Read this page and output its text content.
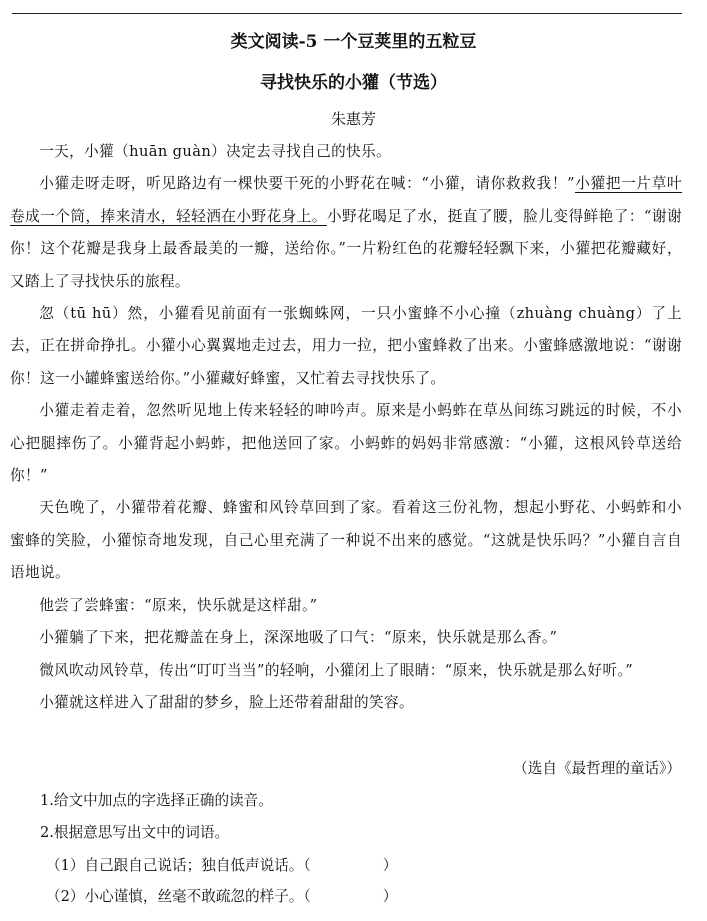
类文阅读-5 一个豆荚里的五粒豆
寻找快乐的小獾（节选）
朱惠芳

一天，小獾（huān guàn）决定去寻找自己的快乐。

小獾走呀走呀，听见路边有一棵快要干死的小野花在喊：“小獾，请你救救我！”小獾把一片草叶卷成一个筒，捧来清水，轻轻洒在小野花身上。小野花喝足了水，挺直了腰，脸儿变得鲜艳了：“谢谢你！这个花瓣是我身上最香最美的一瓣，送给你。”一片粉红色的花瓣轻轻飘下来，小獾把花瓣藏好，又踏上了寻找快乐的旅程。

忽（tū hū）然，小獾看见前面有一张蜘蛛网，一只小蜜蜂不小心撞（zhuàng chuàng）了上去，正在拼命挣扎。小獾小心翼翼地走过去，用力一拉，把小蜜蜂救了出来。小蜜蜂感激地说：“谢谢你！这一小罐蜂蜜送给你。”小獾藏好蜂蜜，又忙着去寻找快乐了。

小獾走着走着，忽然听见地上传来轻轻的呻吟声。原来是小蚂蚱在草丛间练习跳远的时候，不小心把腿摔伤了。小獾背起小蚂蚱，把他送回了家。小蚂蚱的妈妈非常感激：“小獾，这根风铃草送给你！”

天色晚了，小獾带着花瓣、蜂蜜和风铃草回到了家。看着这三份礼物，想起小野花、小蚂蚱和小蜜蜂的笑脸，小獾惊奇地发现，自己心里充满了一种说不出来的感觉。“这就是快乐吗？”小獾自言自语地说。

他尝了尝蜂蜜：“原来，快乐就是这样甜。”

小獾躺了下来，把花瓣盖在身上，深深地吸了口气：“原来，快乐就是那么香。”

微风吹动风铃草，传出“叮叮当当”的轻响，小獾闭上了眼睛：“原来，快乐就是那么好听。”

小獾就这样进入了甜甜的梦乡，脸上还带着甜甜的笑容。

（选自《最哲理的童话》）
1.给文中加点的字选择正确的读音。
2.根据意思写出文中的词语。
（1）自己跟自己说话；独自低声说话。（	）
（2）小心谨慎，丝毫不敢疏忽的样子。（	）
